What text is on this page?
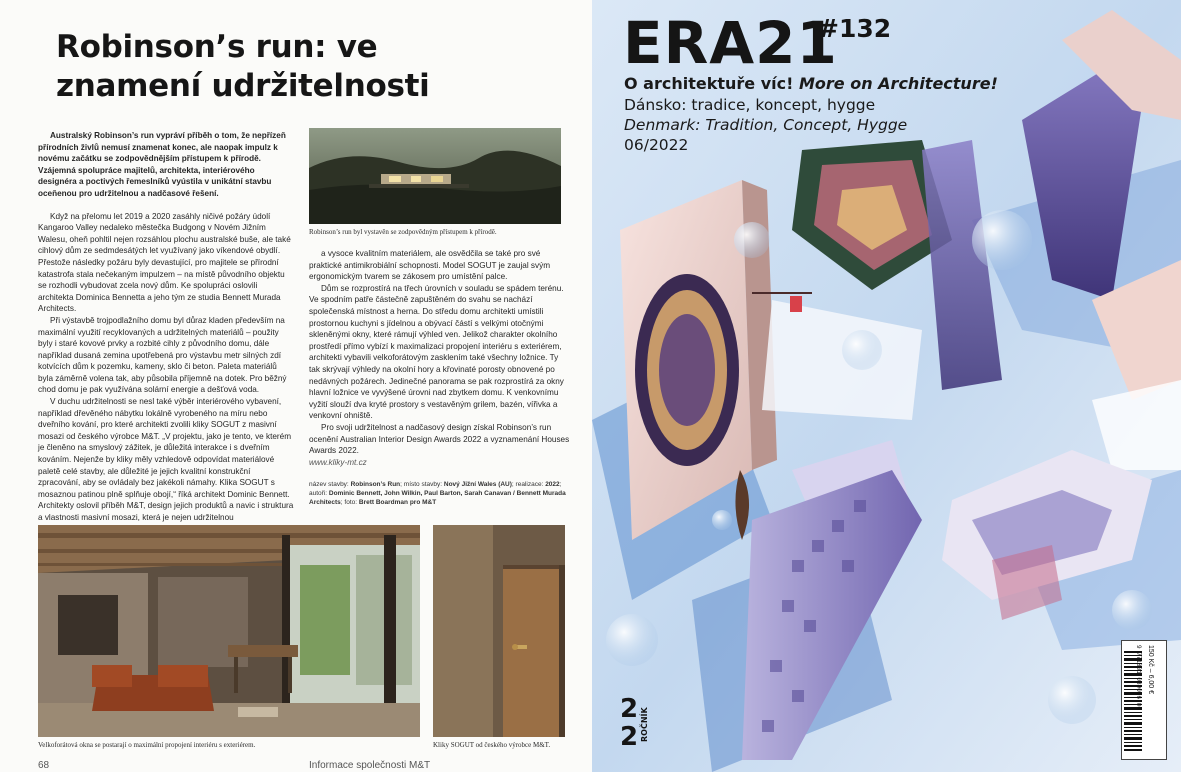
Robinson’s run: ve znamení udržitelnosti

Australský Robinson’s run vypráví příběh o tom, že nepřízeň přírodních živlů nemusí znamenat konec, ale naopak impulz k novému začátku se zodpovědnějším přístupem k přírodě. Vzájemná spolupráce majitelů, architekta, interiérového designéra a poctivých řemeslníků vyústila v unikátní stavbu oceňenou pro udržitelnou a nadčasové řešení.

Když na přelomu let 2019 a 2020 zasáhly ničivé požáry údolí Kangaroo Valley nedaleko městečka Budgong v Novém Jižním Walesu, oheň pohltil nejen rozsáhlou plochu australské buše, ale také cihlový dům ze sedmdesátých let využívaný jako víkendové obydlí. Přestože následky požáru byly devastující, pro majitele se přírodní katastrofa stala nečekaným impulzem – na místě původního objektu se rozhodli vybudovat zcela nový dům. Ke spolupráci oslovili architekta Dominica Bennetta a jeho tým ze studia Bennett Murada Architects.

Při výstavbě trojpodlažního domu byl důraz kladen především na maximální využití recyklovaných a udržitelných materiálů – použity byly i staré kovové prvky a rozbité cihly z původního domu, dále například dusaná zemina upotřebená pro výstavbu metr silných zdí kotvících dům k pozemku, kameny, sklo či beton. Paleta materiálů byla záměrně volena tak, aby působila příjemně na dotek. Pro běžný chod domu je pak využívána solární energie a dešťová voda.

V duchu udržitelnosti se nesl také výběr interiérového vybavení, například dřevěného nábytku lokálně vyrobeného na míru nebo dveřního kování, pro které architekti zvolili kliky SOGUT z masivní mosazi od českého výrobce M&T. „V projektu, jako je tento, ve kterém je členěno na smyslový zážitek, je důležitá interakce i s dveřním kováním. Nejenže by kliky měly vzhledově odpovídat materiálové paletě celé stavby, ale důležité je jejich kvalitní konstrukční zpracování, aby se ovládaly bez jakékoli námahy. Klika SOGUT s mosaznou patinou plně splňuje obojí,“ říká architekt Dominic Bennett. Architekty oslovil příběh M&T, design jejich produktů a navic i struktura a vlastnosti masivní mosazi, která je nejen udržitelnou

Robinson’s run byl vystavěn se zodpovědným přístupem k přírodě.

a vysoce kvalitním materiálem, ale osvědčila se také pro své praktické antimikrobiální schopnosti. Model SOGUT je zaujal svým ergonomickým tvarem se zákosem pro umístění palce.

Dům se rozprostírá na třech úrovních v souladu se spádem terénu. Ve spodním patře částečně zapuštěném do svahu se nachází společenská místnost a herna. Do středu domu architekti umístili prostornou kuchyni s jídelnou a obývací částí s velkými otočnými skleněnými okny, které rámují výhled ven. Jelikož charakter okolního prostředí přímo vybízí k maximalizaci propojení interiéru s exteriérem, architekti vybavili velkoforátovým zasklením také všechny ložnice. Ty tak skrývají výhledy na okolní hory a křovinaté porosty obnovené po nedávných požárech. Jedinečné panorama se pak rozprostírá za okny hlavní ložnice ve vyvýšené úrovni nad zbytkem domu. K venkovnímu vyžití slouží dva kryté prostory s vestavěným grilem, bazén, vířivka a venkovní ohniště.

Pro svoji udržitelnost a nadčasový design získal Robinson’s run ocenění Australian Interior Design Awards 2022 a vyznamenání Houses Awards 2022.

www.kliky-mt.cz

název stavby: Robinson’s Run; místo stavby: Nový Jižní Wales (AU); realizace: 2022; autoři: Dominic Bennett, John Wilkin, Paul Barton, Sarah Canavan / Bennett Murada Architects; foto: Brett Boardman pro M&T
Velkoforátová okna se postarají o maximální propojení interiéru s exteriérem.	Kliky SOGUT od českého výrobce M&T.
68	Informace společnosti M&T
ERA21
#132
O architektuře víc! More on Architecture!
Dánsko: tradice, koncept, hygge
Denmark: Tradition, Concept, Hygge
06/2022
2
2 ROČNÍK
9 771801 089006 06 150 Kč – 6,00 €
